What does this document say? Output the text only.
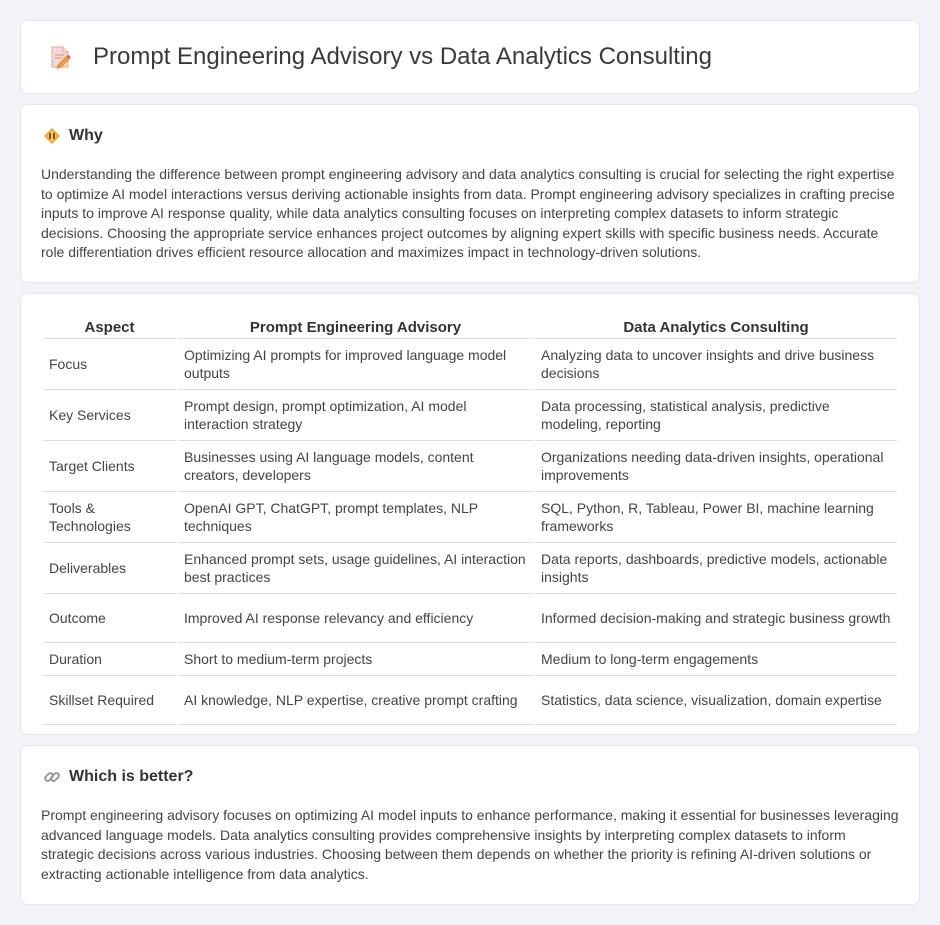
Prompt Engineering Advisory vs Data Analytics Consulting
Why

Understanding the difference between prompt engineering advisory and data analytics consulting is crucial for selecting the right expertise to optimize AI model interactions versus deriving actionable insights from data. Prompt engineering advisory specializes in crafting precise inputs to improve AI response quality, while data analytics consulting focuses on interpreting complex datasets to inform strategic decisions. Choosing the appropriate service enhances project outcomes by aligning expert skills with specific business needs. Accurate role differentiation drives efficient resource allocation and maximizes impact in technology-driven solutions.

Aspect	Prompt Engineering Advisory	Data Analytics Consulting
Focus	Optimizing AI prompts for improved language model outputs	Analyzing data to uncover insights and drive business decisions
Key Services	Prompt design, prompt optimization, AI model interaction strategy	Data processing, statistical analysis, predictive modeling, reporting
Target Clients	Businesses using AI language models, content creators, developers	Organizations needing data-driven insights, operational improvements
Tools & Technologies	OpenAI GPT, ChatGPT, prompt templates, NLP techniques	SQL, Python, R, Tableau, Power BI, machine learning frameworks
Deliverables	Enhanced prompt sets, usage guidelines, AI interaction best practices	Data reports, dashboards, predictive models, actionable insights
Outcome	Improved AI response relevancy and efficiency	Informed decision-making and strategic business growth
Duration	Short to medium-term projects	Medium to long-term engagements
Skillset Required	AI knowledge, NLP expertise, creative prompt crafting	Statistics, data science, visualization, domain expertise
Which is better?

Prompt engineering advisory focuses on optimizing AI model inputs to enhance performance, making it essential for businesses leveraging advanced language models. Data analytics consulting provides comprehensive insights by interpreting complex datasets to inform strategic decisions across various industries. Choosing between them depends on whether the priority is refining AI-driven solutions or extracting actionable intelligence from data analytics.
